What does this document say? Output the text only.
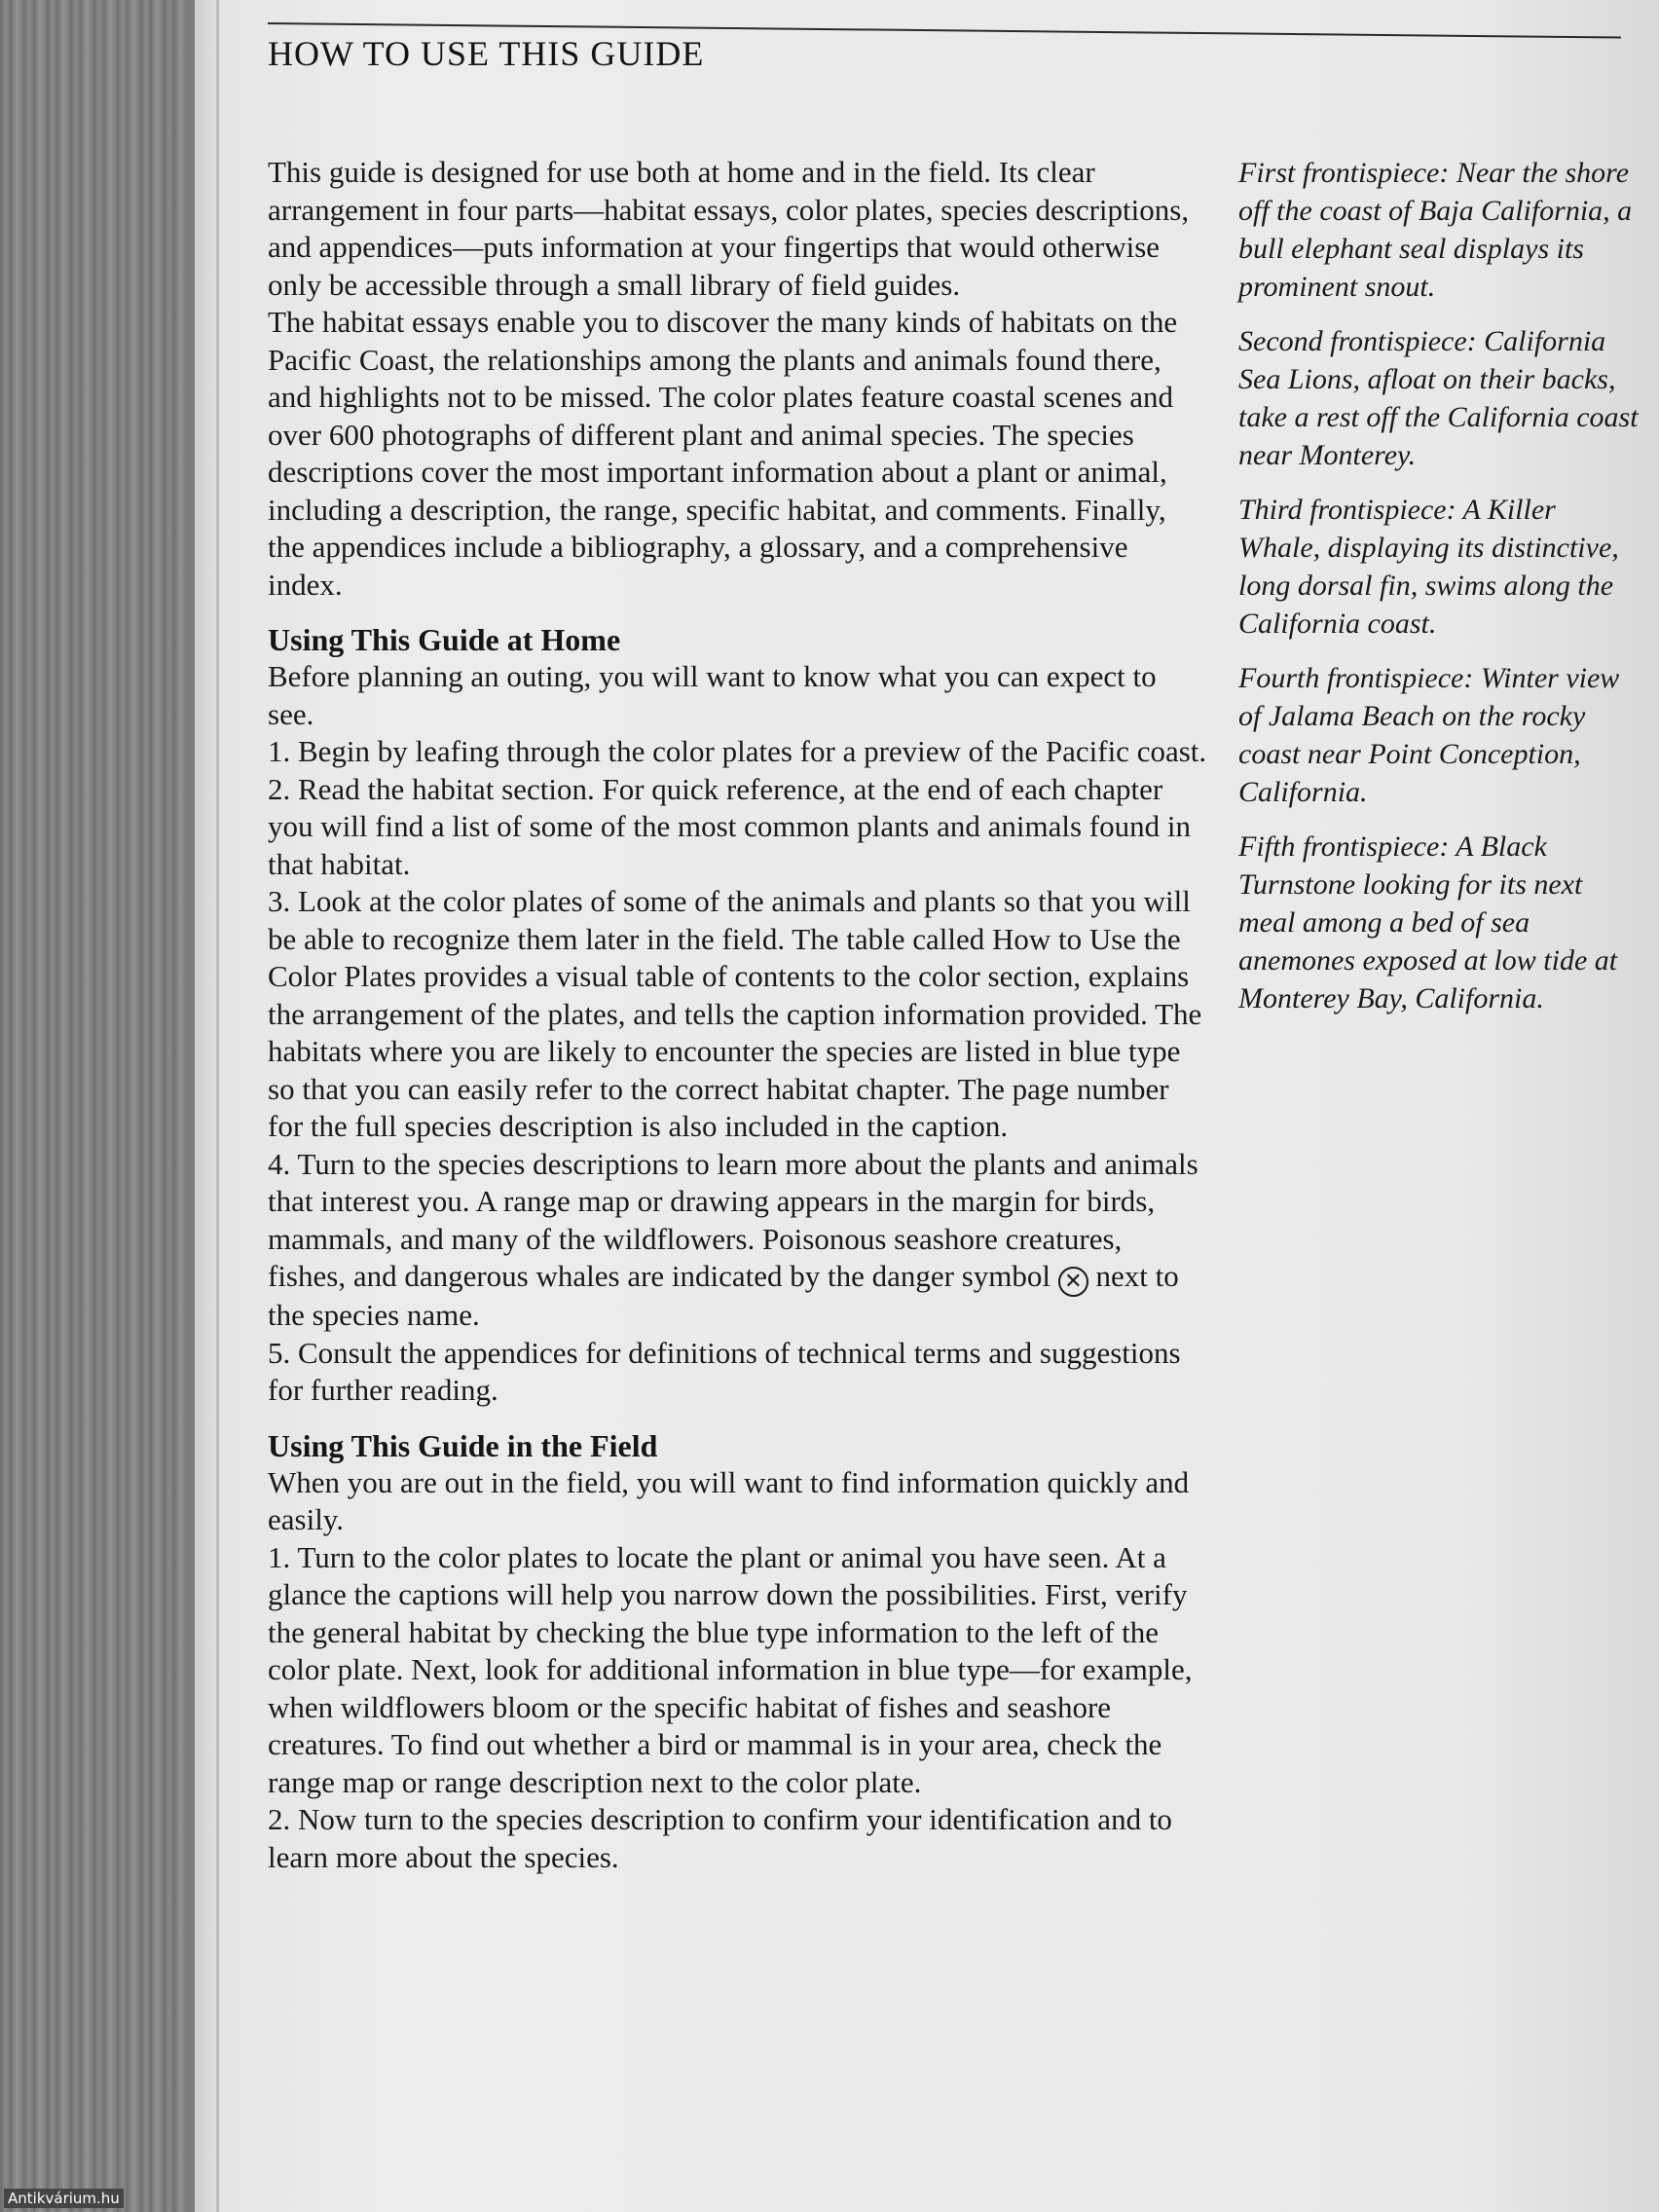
Antikvárium.hu
HOW TO USE THIS GUIDE

This guide is designed for use both at home and in the field. Its clear arrangement in four parts—habitat essays, color plates, species descriptions, and appendices—puts information at your fingertips that would otherwise only be accessible through a small library of field guides.

The habitat essays enable you to discover the many kinds of habitats on the Pacific Coast, the relationships among the plants and animals found there, and highlights not to be missed. The color plates feature coastal scenes and over 600 photographs of different plant and animal species. The species descriptions cover the most important information about a plant or animal, including a description, the range, specific habitat, and comments. Finally, the appendices include a bibliography, a glossary, and a comprehensive index.

Using This Guide at Home

Before planning an outing, you will want to know what you can expect to see.

1. Begin by leafing through the color plates for a preview of the Pacific coast.

2. Read the habitat section. For quick reference, at the end of each chapter you will find a list of some of the most common plants and animals found in that habitat.

3. Look at the color plates of some of the animals and plants so that you will be able to recognize them later in the field. The table called How to Use the Color Plates provides a visual table of contents to the color section, explains the arrangement of the plates, and tells the caption information provided. The habitats where you are likely to encounter the species are listed in blue type so that you can easily refer to the correct habitat chapter. The page number for the full species description is also included in the caption.

4. Turn to the species descriptions to learn more about the plants and animals that interest you. A range map or drawing appears in the margin for birds, mammals, and many of the wildflowers. Poisonous seashore creatures, fishes, and dangerous whales are indicated by the danger symbol ✕ next to the species name.

5. Consult the appendices for definitions of technical terms and suggestions for further reading.

Using This Guide in the Field

When you are out in the field, you will want to find information quickly and easily.

1. Turn to the color plates to locate the plant or animal you have seen. At a glance the captions will help you narrow down the possibilities. First, verify the general habitat by checking the blue type information to the left of the color plate. Next, look for additional information in blue type—for example, when wildflowers bloom or the specific habitat of fishes and seashore creatures. To find out whether a bird or mammal is in your area, check the range map or range description next to the color plate.

2. Now turn to the species description to confirm your identification and to learn more about the species.

First frontispiece: Near the shore off the coast of Baja California, a bull elephant seal displays its prominent snout.

Second frontispiece: California Sea Lions, afloat on their backs, take a rest off the California coast near Monterey.

Third frontispiece: A Killer Whale, displaying its distinctive, long dorsal fin, swims along the California coast.

Fourth frontispiece: Winter view of Jalama Beach on the rocky coast near Point Conception, California.

Fifth frontispiece: A Black Turnstone looking for its next meal among a bed of sea anemones exposed at low tide at Monterey Bay, California.
